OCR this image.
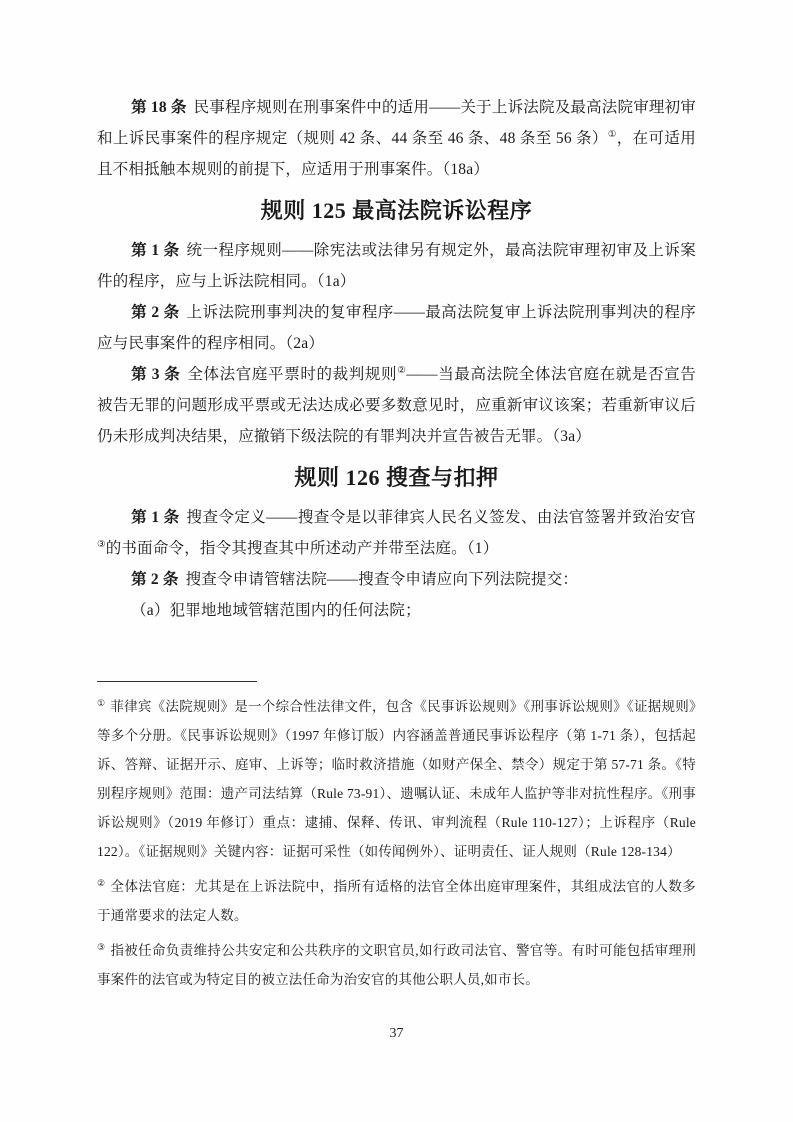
第 18 条 民事程序规则在刑事案件中的适用——关于上诉法院及最高法院审理初审和上诉民事案件的程序规定（规则 42 条、44 条至 46 条、48 条至 56 条）①，在可适用且不相抵触本规则的前提下，应适用于刑事案件。（18a）

规则 125 最高法院诉讼程序

第 1 条 统一程序规则——除宪法或法律另有规定外，最高法院审理初审及上诉案件的程序，应与上诉法院相同。（1a）

第 2 条 上诉法院刑事判决的复审程序——最高法院复审上诉法院刑事判决的程序应与民事案件的程序相同。（2a）

第 3 条 全体法官庭平票时的裁判规则②——当最高法院全体法官庭在就是否宣告被告无罪的问题形成平票或无法达成必要多数意见时，应重新审议该案；若重新审议后仍未形成判决结果，应撤销下级法院的有罪判决并宣告被告无罪。（3a）

规则 126 搜查与扣押

第 1 条 搜查令定义——搜查令是以菲律宾人民名义签发、由法官签署并致治安官③的书面命令，指令其搜查其中所述动产并带至法庭。（1）

第 2 条 搜查令申请管辖法院——搜查令申请应向下列法院提交：

（a）犯罪地地域管辖范围内的任何法院；

① 菲律宾《法院规则》是一个综合性法律文件，包含《民事诉讼规则》《刑事诉讼规则》《证据规则》等多个分册。《民事诉讼规则》（1997 年修订版）内容涵盖普通民事诉讼程序（第 1-71 条），包括起诉、答辩、证据开示、庭审、上诉等；临时救济措施（如财产保全、禁令）规定于第 57-71 条。《特别程序规则》范围：遗产司法结算（Rule 73-91）、遗嘱认证、未成年人监护等非对抗性程序。《刑事诉讼规则》（2019 年修订）重点：逮捕、保释、传讯、审判流程（Rule 110-127）；上诉程序（Rule 122）。《证据规则》关键内容：证据可采性（如传闻例外）、证明责任、证人规则（Rule 128-134）

② 全体法官庭：尤其是在上诉法院中，指所有适格的法官全体出庭审理案件，其组成法官的人数多于通常要求的法定人数。

③ 指被任命负责维持公共安定和公共秩序的文职官员,如行政司法官、警官等。有时可能包括审理刑事案件的法官或为特定目的被立法任命为治安官的其他公职人员,如市长。

37
